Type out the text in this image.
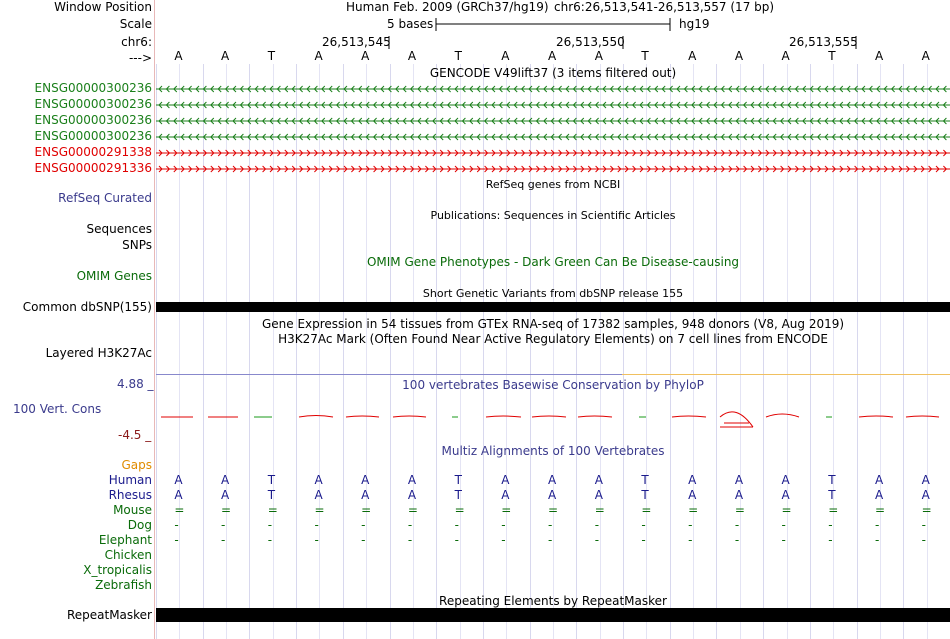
Window Position	Human Feb. 2009 (GRCh37/hg19) chr6:26,513,541-26,513,557 (17 bp)
Scale	5 bases	hg19
chr6:	26,513,545	26,513,550	26,513,555
---> A	A	T	A	A	A	T	A	A	A	T	A	A	A	T	A	A
GENCODE V49lift37 (3 items filtered out)
ENSG00000300236
ENSG00000300236
ENSG00000300236
ENSG00000300236
ENSG00000291338
ENSG00000291336
RefSeq genes from NCBI
RefSeq Curated
Publications: Sequences in Scientific Articles
Sequences
SNPs
OMIM Gene Phenotypes - Dark Green Can Be Disease-causing
OMIM Genes
Short Genetic Variants from dbSNP release 155
Common dbSNP(155)
Gene Expression in 54 tissues from GTEx RNA-seq of 17382 samples, 948 donors (V8, Aug 2019)
H3K27Ac Mark (Often Found Near Active Regulatory Elements) on 7 cell lines from ENCODE
Layered H3K27Ac
4.88 _	100 vertebrates Basewise Conservation by PhyloP
100 Vert. Cons
-4.5 _
Multiz Alignments of 100 Vertebrates
Gaps
Human A	A	T	A	A	A	T	A	A	A	T	A	A	A	T	A	A
Rhesus A	A	T	A	A	A	T	A	A	A	T	A	A	A	T	A	A
Mouse =	=	=	=	=	=	=	=	=	=	=	=	=	=	=	=	=
Dog -	-	-	-	-	-	-	-	-	-	-	-	-	-	-	-	-
Elephant -	-	-	-	-	-	-	-	-	-	-	-	-	-	-	-	-
Chicken
X_tropicalis
Zebrafish
Repeating Elements by RepeatMasker
RepeatMasker
